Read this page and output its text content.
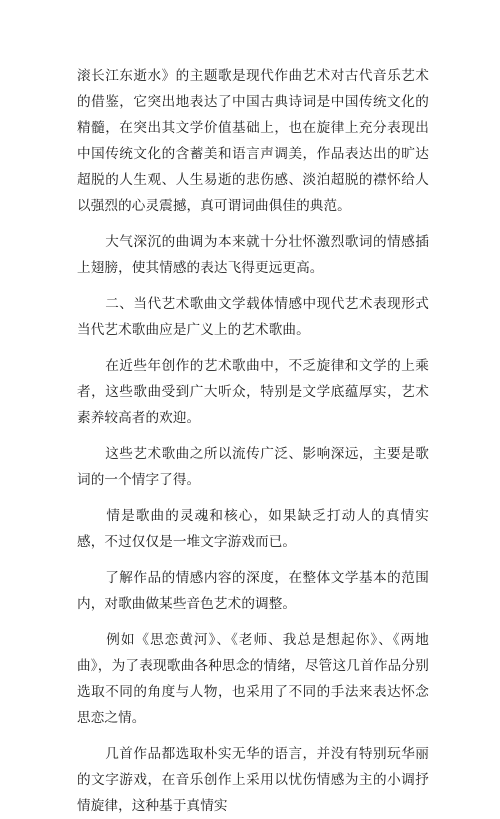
滚长江东逝水》的主题歌是现代作曲艺术对古代音乐艺术的借鉴，它突出地表达了中国古典诗词是中国传统文化的精髓，在突出其文学价值基础上，也在旋律上充分表现出中国传统文化的含蓄美和语言声调美，作品表达出的旷达超脱的人生观、人生易逝的悲伤感、淡泊超脱的襟怀给人以强烈的心灵震撼，真可谓词曲俱佳的典范。

　　大气深沉的曲调为本来就十分壮怀激烈歌词的情感插上翅膀，使其情感的表达飞得更远更高。

　　二、当代艺术歌曲文学载体情感中现代艺术表现形式当代艺术歌曲应是广义上的艺术歌曲。

　　在近些年创作的艺术歌曲中，不乏旋律和文学的上乘者，这些歌曲受到广大听众，特别是文学底蕴厚实，艺术素养较高者的欢迎。

　　这些艺术歌曲之所以流传广泛、影响深远，主要是歌词的一个情字了得。

　　情是歌曲的灵魂和核心，如果缺乏打动人的真情实感，不过仅仅是一堆文字游戏而已。

　　了解作品的情感内容的深度，在整体文学基本的范围内，对歌曲做某些音色艺术的调整。

　　例如《思恋黄河》、《老师、我总是想起你》、《两地曲》，为了表现歌曲各种思念的情绪，尽管这几首作品分别选取不同的角度与人物，也采用了不同的手法来表达怀念思恋之情。

　　几首作品都选取朴实无华的语言，并没有特别玩华丽的文字游戏，在音乐创作上采用以忧伤情感为主的小调抒情旋律，这种基于真情实
